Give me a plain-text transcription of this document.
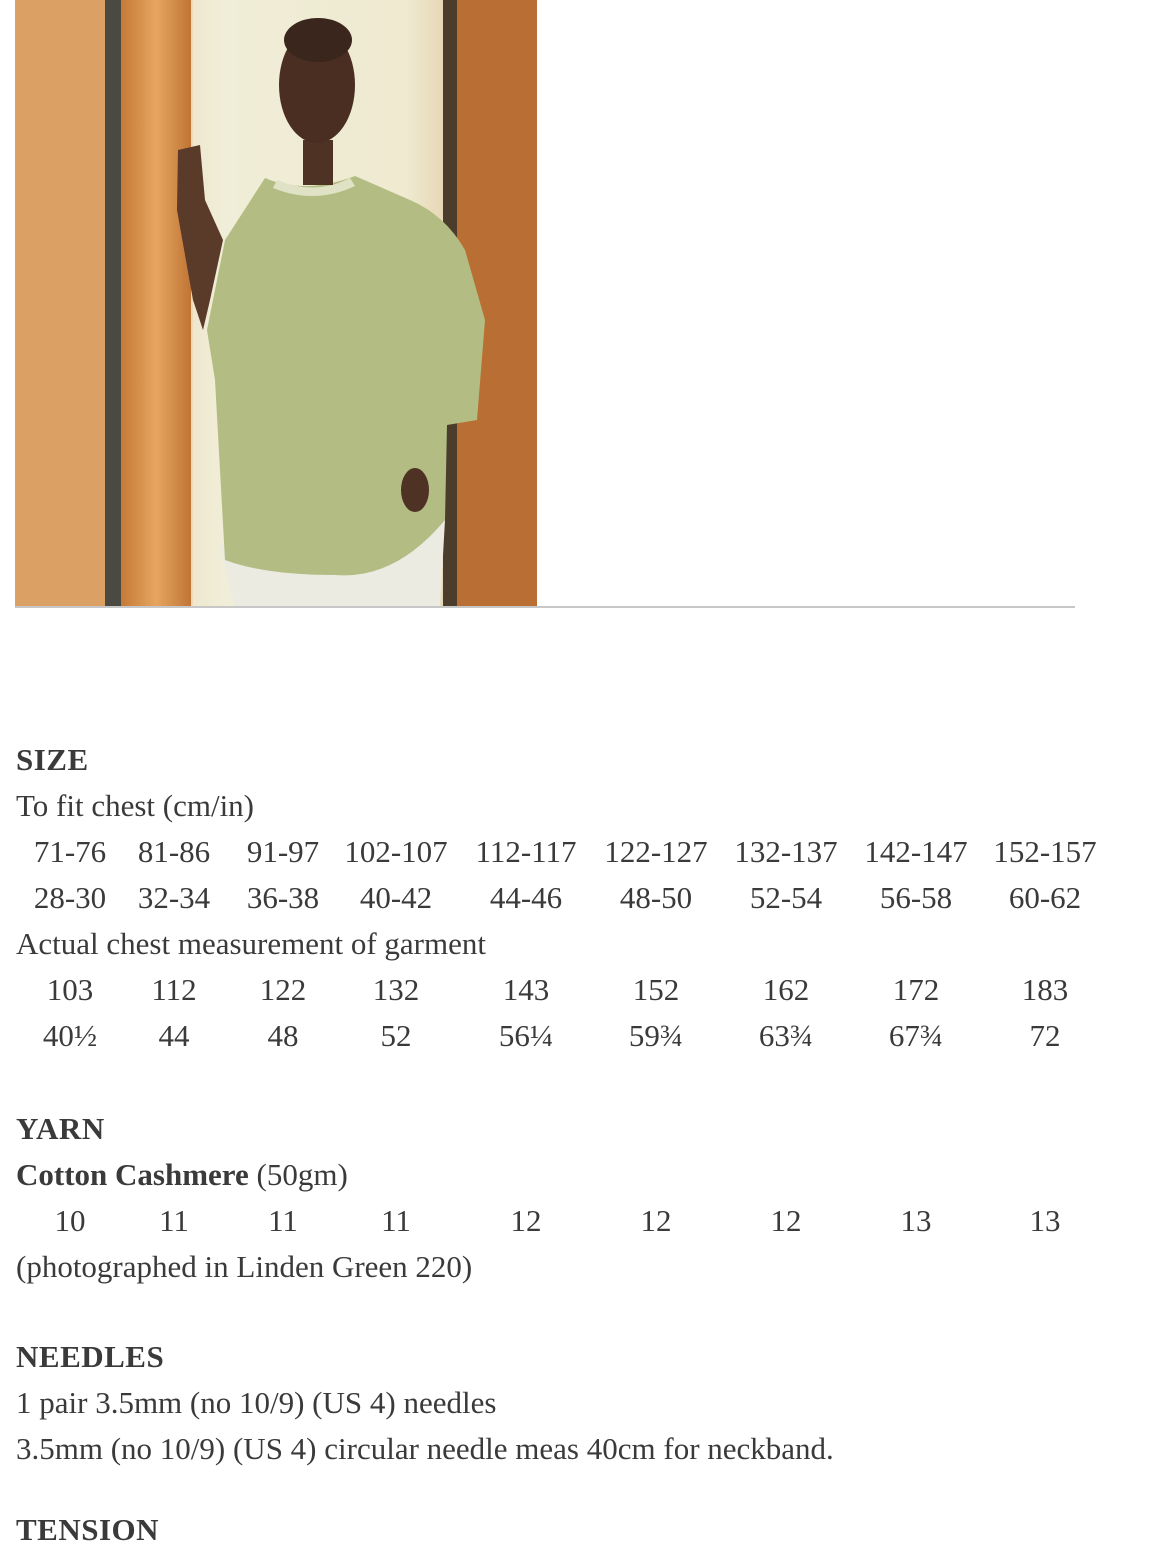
SIZE
To fit chest (cm/in)
71-76 81-86 91-97 102-107 112-117 122-127 132-137 142-147 152-157
28-30 32-34 36-38 40-42 44-46 48-50 52-54 56-58 60-62
Actual chest measurement of garment
103 112 122 132	143	152	162	172	183
40½ 44	48	52	56¼ 59¾ 63¾ 67¾	72
YARN
Cotton Cashmere (50gm)
10 11	11	11	12	12	12	13	13
(photographed in Linden Green 220)
NEEDLES
1 pair 3.5mm (no 10/9) (US 4) needles
3.5mm (no 10/9) (US 4) circular needle meas 40cm for neckband.
TENSION
